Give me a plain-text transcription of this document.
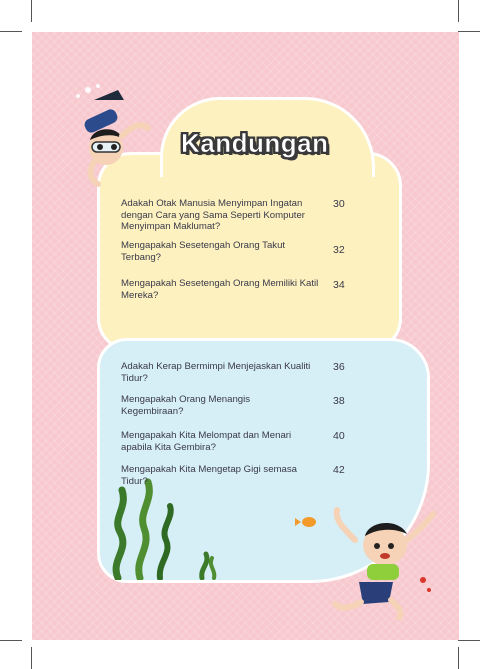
Kandungan
Adakah Otak Manusia Menyimpan Ingatan dengan Cara yang Sama Seperti Komputer Menyimpan Maklumat?
30
Mengapakah Sesetengah Orang Takut Terbang?
32
Mengapakah Sesetengah Orang Memiliki Katil Mereka?
34
Adakah Kerap Bermimpi Menjejaskan Kualiti Tidur?
36
Mengapakah Orang Menangis Kegembiraan?
38
Mengapakah Kita Melompat dan Menari apabila Kita Gembira?
40
Mengapakah Kita Mengetap Gigi semasa Tidur?
42
